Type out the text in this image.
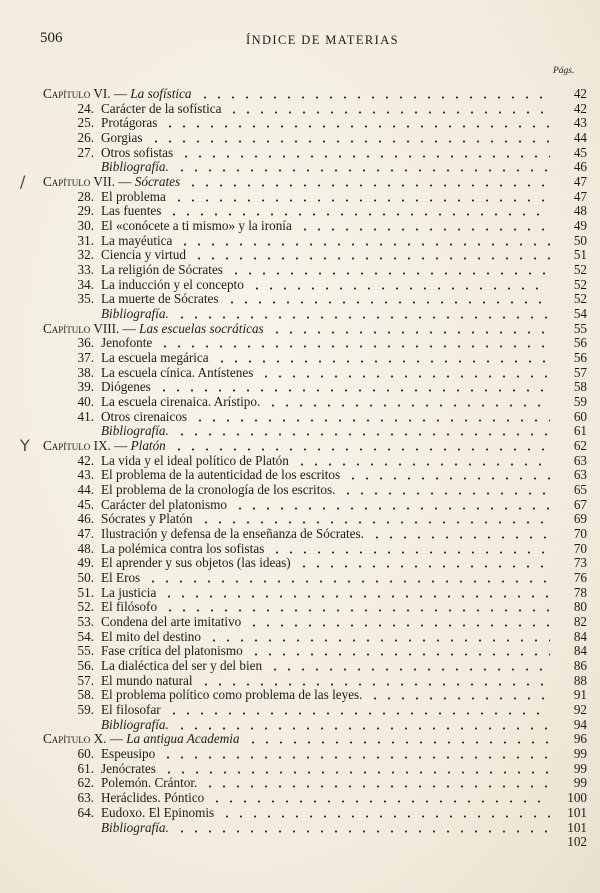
506	ÍNDICE DE MATERIAS
Págs.
Capítulo VI. — La sofística	42
24. Carácter de la sofística	42
25. Protágoras	43
26. Gorgias	44
27. Otros sofistas	45
Bibliografía.	46
/ Capítulo VII. — Sócrates	47
28. El problema	47
29. Las fuentes	48
30. El «conócete a ti mismo» y la ironía	49
31. La mayéutica	50
32. Ciencia y virtud	51
33. La religión de Sócrates	52
34. La inducción y el concepto	52
35. La muerte de Sócrates	52
Bibliografía.	54
Capítulo VIII. — Las escuelas socráticas	55
36. Jenofonte	56
37. La escuela megárica	56
38. La escuela cínica. Antístenes	57
39. Diógenes	58
40. La escuela cirenaica. Arístipo.	59
41. Otros cirenaicos	60
Bibliografía.	61
Y Capítulo IX. — Platón	62
42. La vida y el ideal político de Platón	63
43. El problema de la autenticidad de los escritos	63
44. El problema de la cronología de los escritos.	65
45. Carácter del platonismo	67
46. Sócrates y Platón	69
47. Ilustración y defensa de la enseñanza de Sócrates.	70
48. La polémica contra los sofistas	70
49. El aprender y sus objetos (las ideas)	73
50. El Eros	76
51. La justicia	78
52. El filósofo	80
53. Condena del arte imitativo	82
54. El mito del destino	84
55. Fase crítica del platonismo	84
56. La dialéctica del ser y del bien	86
57. El mundo natural	88
58. El problema político como problema de las leyes.	91
59. El filosofar	92
Bibliografía.	94
Capítulo X. — La antigua Academia	96
60. Espeusipo	99
61. Jenócrates	99
62. Polemón. Crántor.	99
63. Heráclides. Póntico	100
64. Eudoxo. El Epinomis	101
Bibliografía.	101
102
